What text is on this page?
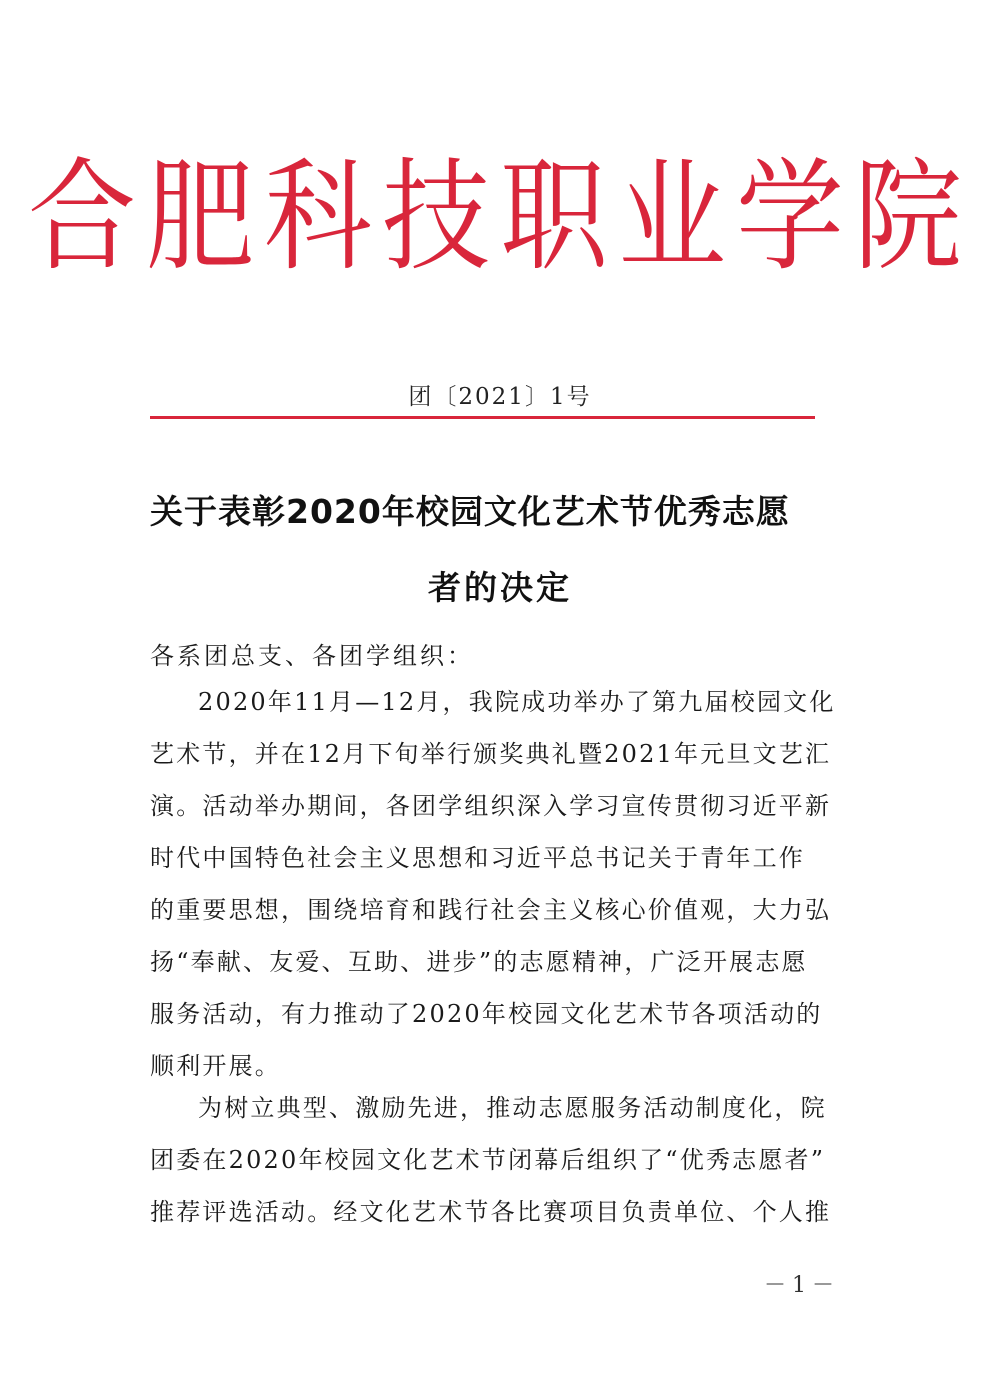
合肥科技职业学院
团〔2021〕1号
关于表彰2020年校园文化艺术节优秀志愿
者的决定
各系团总支、各团学组织：
2020年11月—12月，我院成功举办了第九届校园文化
艺术节，并在12月下旬举行颁奖典礼暨2021年元旦文艺汇
演。活动举办期间，各团学组织深入学习宣传贯彻习近平新
时代中国特色社会主义思想和习近平总书记关于青年工作
的重要思想，围绕培育和践行社会主义核心价值观，大力弘
扬“奉献、友爱、互助、进步”的志愿精神，广泛开展志愿
服务活动，有力推动了2020年校园文化艺术节各项活动的
顺利开展。
为树立典型、激励先进，推动志愿服务活动制度化，院
团委在2020年校园文化艺术节闭幕后组织了“优秀志愿者”
推荐评选活动。经文化艺术节各比赛项目负责单位、个人推
－1－
